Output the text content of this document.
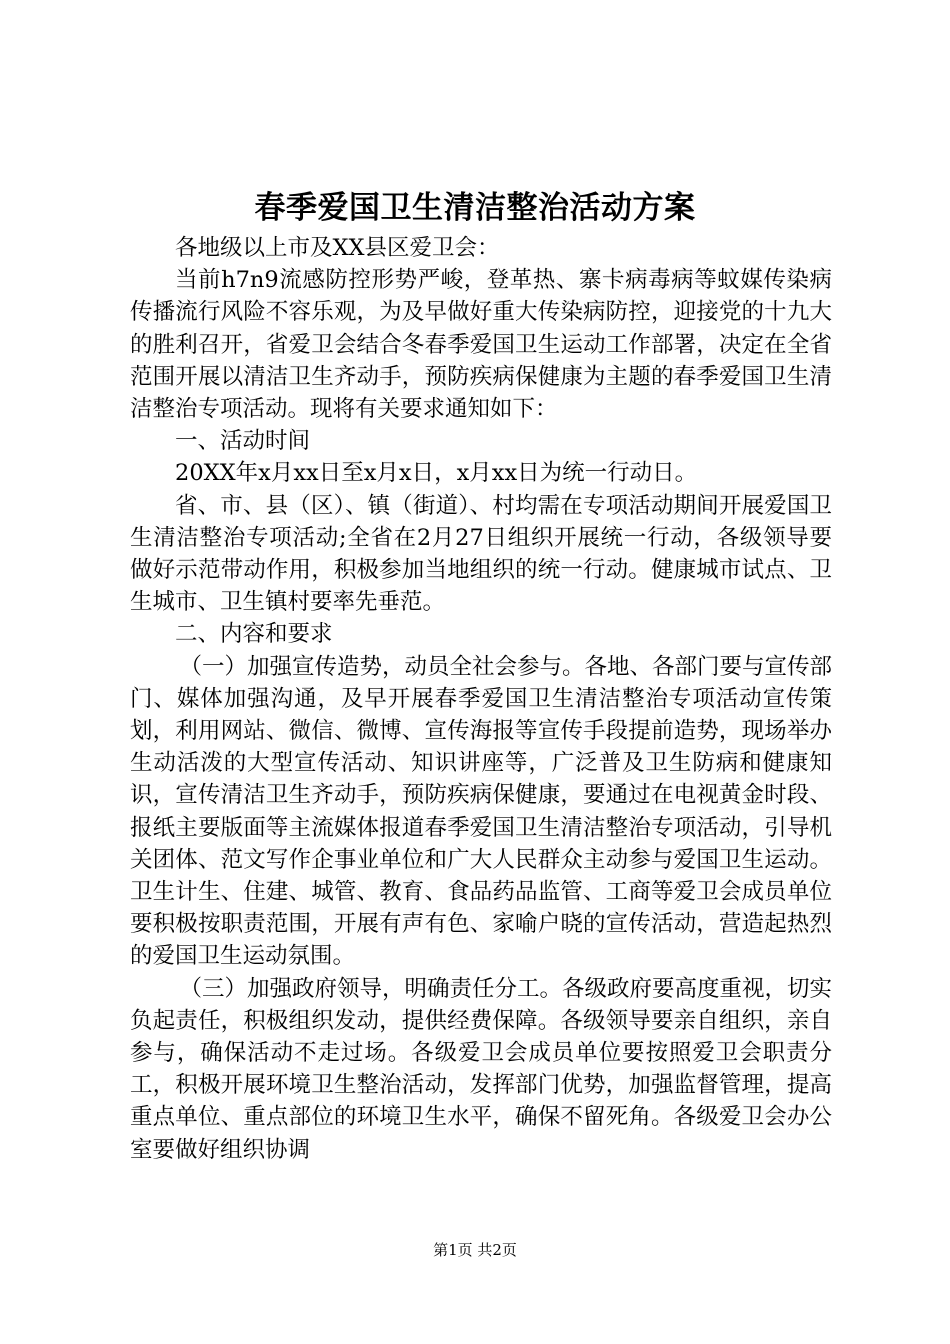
春季爱国卫生清洁整治活动方案

各地级以上市及XX县区爱卫会：

当前h7n9流感防控形势严峻，登革热、寨卡病毒病等蚊媒传染病传播流行风险不容乐观，为及早做好重大传染病防控，迎接党的十九大的胜利召开，省爱卫会结合冬春季爱国卫生运动工作部署，决定在全省范围开展以清洁卫生齐动手，预防疾病保健康为主题的春季爱国卫生清洁整治专项活动。现将有关要求通知如下：

一、活动时间

20XX年x月xx日至x月x日，x月xx日为统一行动日。

省、市、县（区）、镇（街道）、村均需在专项活动期间开展爱国卫生清洁整治专项活动;全省在2月27日组织开展统一行动，各级领导要做好示范带动作用，积极参加当地组织的统一行动。健康城市试点、卫生城市、卫生镇村要率先垂范。

二、内容和要求

（一）加强宣传造势，动员全社会参与。各地、各部门要与宣传部门、媒体加强沟通，及早开展春季爱国卫生清洁整治专项活动宣传策划，利用网站、微信、微博、宣传海报等宣传手段提前造势，现场举办生动活泼的大型宣传活动、知识讲座等，广泛普及卫生防病和健康知识，宣传清洁卫生齐动手，预防疾病保健康，要通过在电视黄金时段、报纸主要版面等主流媒体报道春季爱国卫生清洁整治专项活动，引导机关团体、范文写作企事业单位和广大人民群众主动参与爱国卫生运动。卫生计生、住建、城管、教育、食品药品监管、工商等爱卫会成员单位要积极按职责范围，开展有声有色、家喻户晓的宣传活动，营造起热烈的爱国卫生运动氛围。

（三）加强政府领导，明确责任分工。各级政府要高度重视，切实负起责任，积极组织发动，提供经费保障。各级领导要亲自组织，亲自参与，确保活动不走过场。各级爱卫会成员单位要按照爱卫会职责分工，积极开展环境卫生整治活动，发挥部门优势，加强监督管理，提高重点单位、重点部位的环境卫生水平，确保不留死角。各级爱卫会办公室要做好组织协调

第1页 共2页
